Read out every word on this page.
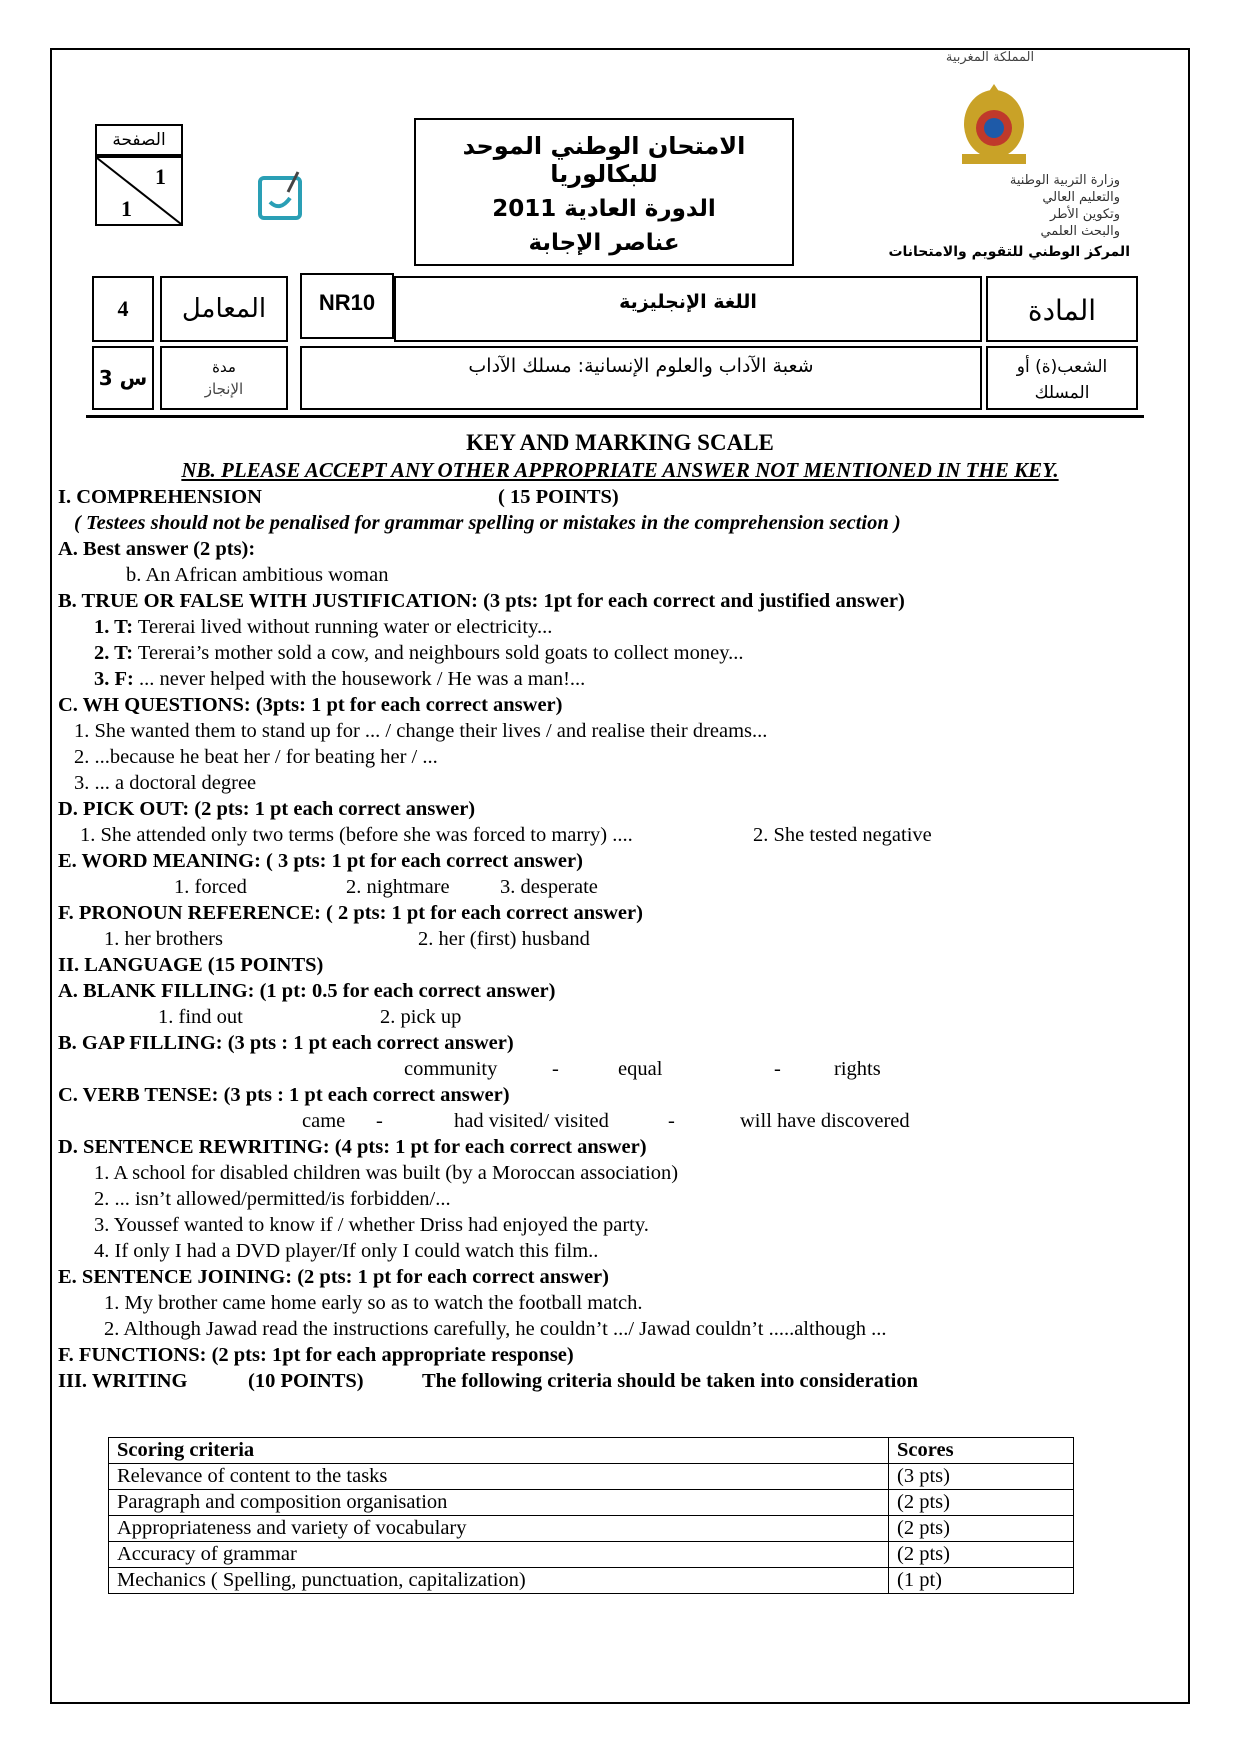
المملكة المغربية
وزارة التربية الوطنية
والتعليم العالي
وتكوين الأطر
والبحث العلمي
المركز الوطني للتقويم والامتحانات
الامتحان الوطني الموحد للبكالوريا
الدورة العادية 2011
عناصر الإجابة
الصفحة
1
1
4	المعامل	NR10	اللغة الإنجليزية	المادة
3 س	مدة
الإنجاز
شعبة الآداب والعلوم الإنسانية: مسلك الآداب	الشعب(ة) أو
المسلك
KEY AND MARKING SCALE
NB. PLEASE ACCEPT ANY OTHER APPROPRIATE ANSWER NOT MENTIONED IN THE KEY.
I. COMPREHENSION	( 15 POINTS)
( Testees should not be penalised for grammar spelling or mistakes in the comprehension section )
A. Best answer (2 pts):
b. An African ambitious woman
B. TRUE OR FALSE WITH JUSTIFICATION: (3 pts: 1pt for each correct and justified answer)
1. T: Tererai lived without running water or electricity...
2. T: Tererai’s mother sold a cow, and neighbours sold goats to collect money...
3. F: ... never helped with the housework / He was a man!...
C. WH QUESTIONS: (3pts: 1 pt for each correct answer)
1. She wanted them to stand up for ... / change their lives / and realise their dreams...
2. ...because he beat her / for beating her / ...
3. ... a doctoral degree
D. PICK OUT: (2 pts: 1 pt each correct answer)
1. She attended only two terms (before she was forced to marry) ....	2. She tested negative
E. WORD MEANING: ( 3 pts: 1 pt for each correct answer)
1. forced	2. nightmare 3. desperate
F. PRONOUN REFERENCE: ( 2 pts: 1 pt for each correct answer)
1. her brothers	2. her (first) husband
II. LANGUAGE (15 POINTS)
A. BLANK FILLING: (1 pt: 0.5 for each correct answer)
1. find out	2. pick up
B. GAP FILLING: (3 pts : 1 pt each correct answer)
community	-	equal	-	rights
C. VERB TENSE: (3 pts : 1 pt each correct answer)
came -	had visited/ visited	-	will have discovered
D. SENTENCE REWRITING: (4 pts: 1 pt for each correct answer)
1. A school for disabled children was built (by a Moroccan association)
2. ... isn’t allowed/permitted/is forbidden/...
3. Youssef wanted to know if / whether Driss had enjoyed the party.
4. If only I had a DVD player/If only I could watch this film..
E. SENTENCE JOINING: (2 pts: 1 pt for each correct answer)
1. My brother came home early so as to watch the football match.
2. Although Jawad read the instructions carefully, he couldn’t .../ Jawad couldn’t .....although ...
F. FUNCTIONS: (2 pts: 1pt for each appropriate response)
III. WRITING	(10 POINTS)	The following criteria should be taken into consideration
Scoring criteria	Scores
Relevance of content to the tasks	(3 pts)
Paragraph and composition organisation	(2 pts)
Appropriateness and variety of vocabulary	(2 pts)
Accuracy of grammar	(2 pts)
Mechanics ( Spelling, punctuation, capitalization)	(1 pt)
